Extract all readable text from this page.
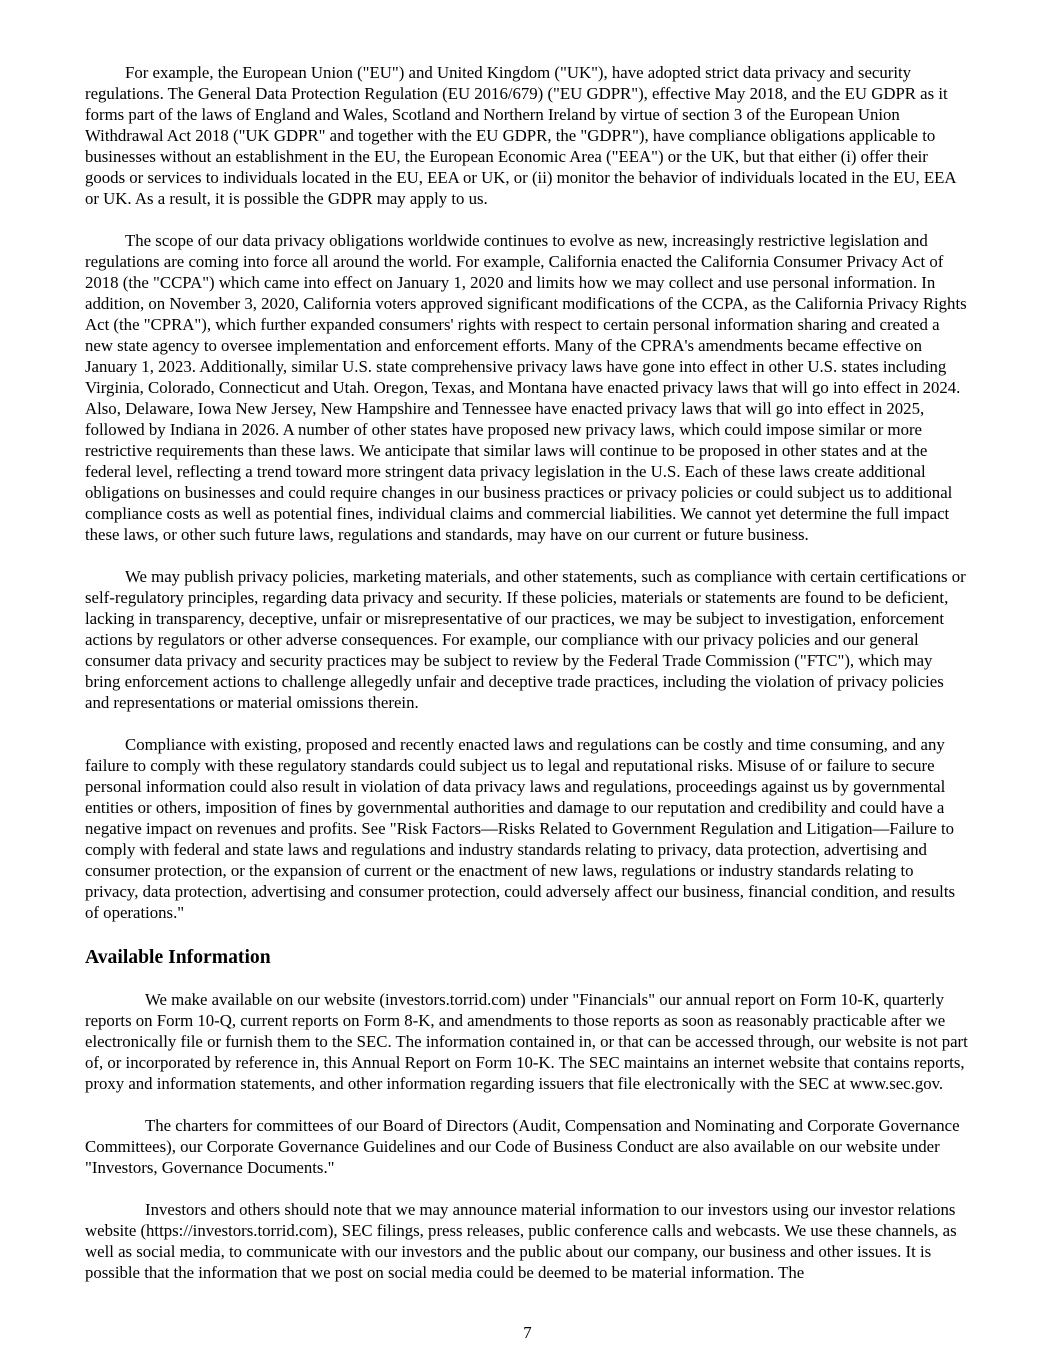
For example, the European Union ("EU") and United Kingdom ("UK"), have adopted strict data privacy and security regulations. The General Data Protection Regulation (EU 2016/679) ("EU GDPR"), effective May 2018, and the EU GDPR as it forms part of the laws of England and Wales, Scotland and Northern Ireland by virtue of section 3 of the European Union Withdrawal Act 2018 ("UK GDPR" and together with the EU GDPR, the "GDPR"), have compliance obligations applicable to businesses without an establishment in the EU, the European Economic Area ("EEA") or the UK, but that either (i) offer their goods or services to individuals located in the EU, EEA or UK, or (ii) monitor the behavior of individuals located in the EU, EEA or UK. As a result, it is possible the GDPR may apply to us.

The scope of our data privacy obligations worldwide continues to evolve as new, increasingly restrictive legislation and regulations are coming into force all around the world. For example, California enacted the California Consumer Privacy Act of 2018 (the "CCPA") which came into effect on January 1, 2020 and limits how we may collect and use personal information. In addition, on November 3, 2020, California voters approved significant modifications of the CCPA, as the California Privacy Rights Act (the "CPRA"), which further expanded consumers' rights with respect to certain personal information sharing and created a new state agency to oversee implementation and enforcement efforts. Many of the CPRA's amendments became effective on January 1, 2023. Additionally, similar U.S. state comprehensive privacy laws have gone into effect in other U.S. states including Virginia, Colorado, Connecticut and Utah. Oregon, Texas, and Montana have enacted privacy laws that will go into effect in 2024. Also, Delaware, Iowa New Jersey, New Hampshire and Tennessee have enacted privacy laws that will go into effect in 2025, followed by Indiana in 2026. A number of other states have proposed new privacy laws, which could impose similar or more restrictive requirements than these laws. We anticipate that similar laws will continue to be proposed in other states and at the federal level, reflecting a trend toward more stringent data privacy legislation in the U.S. Each of these laws create additional obligations on businesses and could require changes in our business practices or privacy policies or could subject us to additional compliance costs as well as potential fines, individual claims and commercial liabilities. We cannot yet determine the full impact these laws, or other such future laws, regulations and standards, may have on our current or future business.

We may publish privacy policies, marketing materials, and other statements, such as compliance with certain certifications or self-regulatory principles, regarding data privacy and security. If these policies, materials or statements are found to be deficient, lacking in transparency, deceptive, unfair or misrepresentative of our practices, we may be subject to investigation, enforcement actions by regulators or other adverse consequences. For example, our compliance with our privacy policies and our general consumer data privacy and security practices may be subject to review by the Federal Trade Commission ("FTC"), which may bring enforcement actions to challenge allegedly unfair and deceptive trade practices, including the violation of privacy policies and representations or material omissions therein.

Compliance with existing, proposed and recently enacted laws and regulations can be costly and time consuming, and any failure to comply with these regulatory standards could subject us to legal and reputational risks. Misuse of or failure to secure personal information could also result in violation of data privacy laws and regulations, proceedings against us by governmental entities or others, imposition of fines by governmental authorities and damage to our reputation and credibility and could have a negative impact on revenues and profits. See "Risk Factors—Risks Related to Government Regulation and Litigation—Failure to comply with federal and state laws and regulations and industry standards relating to privacy, data protection, advertising and consumer protection, or the expansion of current or the enactment of new laws, regulations or industry standards relating to privacy, data protection, advertising and consumer protection, could adversely affect our business, financial condition, and results of operations."

Available Information

We make available on our website (investors.torrid.com) under "Financials" our annual report on Form 10-K, quarterly reports on Form 10-Q, current reports on Form 8-K, and amendments to those reports as soon as reasonably practicable after we electronically file or furnish them to the SEC. The information contained in, or that can be accessed through, our website is not part of, or incorporated by reference in, this Annual Report on Form 10-K. The SEC maintains an internet website that contains reports, proxy and information statements, and other information regarding issuers that file electronically with the SEC at www.sec.gov.

The charters for committees of our Board of Directors (Audit, Compensation and Nominating and Corporate Governance Committees), our Corporate Governance Guidelines and our Code of Business Conduct are also available on our website under "Investors, Governance Documents."

Investors and others should note that we may announce material information to our investors using our investor relations website (https://investors.torrid.com), SEC filings, press releases, public conference calls and webcasts. We use these channels, as well as social media, to communicate with our investors and the public about our company, our business and other issues. It is possible that the information that we post on social media could be deemed to be material information. The

7
